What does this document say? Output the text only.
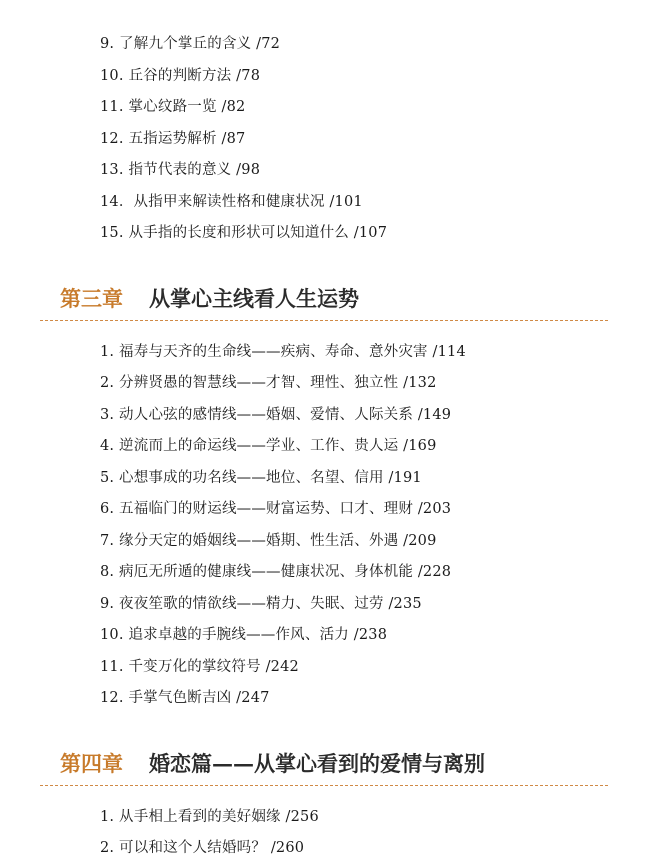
9. 了解九个掌丘的含义 /72
10. 丘谷的判断方法 /78
11. 掌心纹路一览 /82
12. 五指运势解析 /87
13. 指节代表的意义 /98
14．从指甲来解读性格和健康状况 /101
15. 从手指的长度和形状可以知道什么 /107
第三章 从掌心主线看人生运势
1. 福寿与天齐的生命线——疾病、寿命、意外灾害 /114
2. 分辨贤愚的智慧线——才智、理性、独立性 /132
3. 动人心弦的感情线——婚姻、爱情、人际关系 /149
4. 逆流而上的命运线——学业、工作、贵人运 /169
5. 心想事成的功名线——地位、名望、信用 /191
6. 五福临门的财运线——财富运势、口才、理财 /203
7. 缘分天定的婚姻线——婚期、性生活、外遇 /209
8. 病厄无所遁的健康线——健康状况、身体机能 /228
9. 夜夜笙歌的情欲线——精力、失眠、过劳 /235
10. 追求卓越的手腕线——作风、活力 /238
11. 千变万化的掌纹符号 /242
12. 手掌气色断吉凶 /247
第四章 婚恋篇——从掌心看到的爱情与离别
1. 从手相上看到的美好姻缘 /256
2. 可以和这个人结婚吗？ /260
